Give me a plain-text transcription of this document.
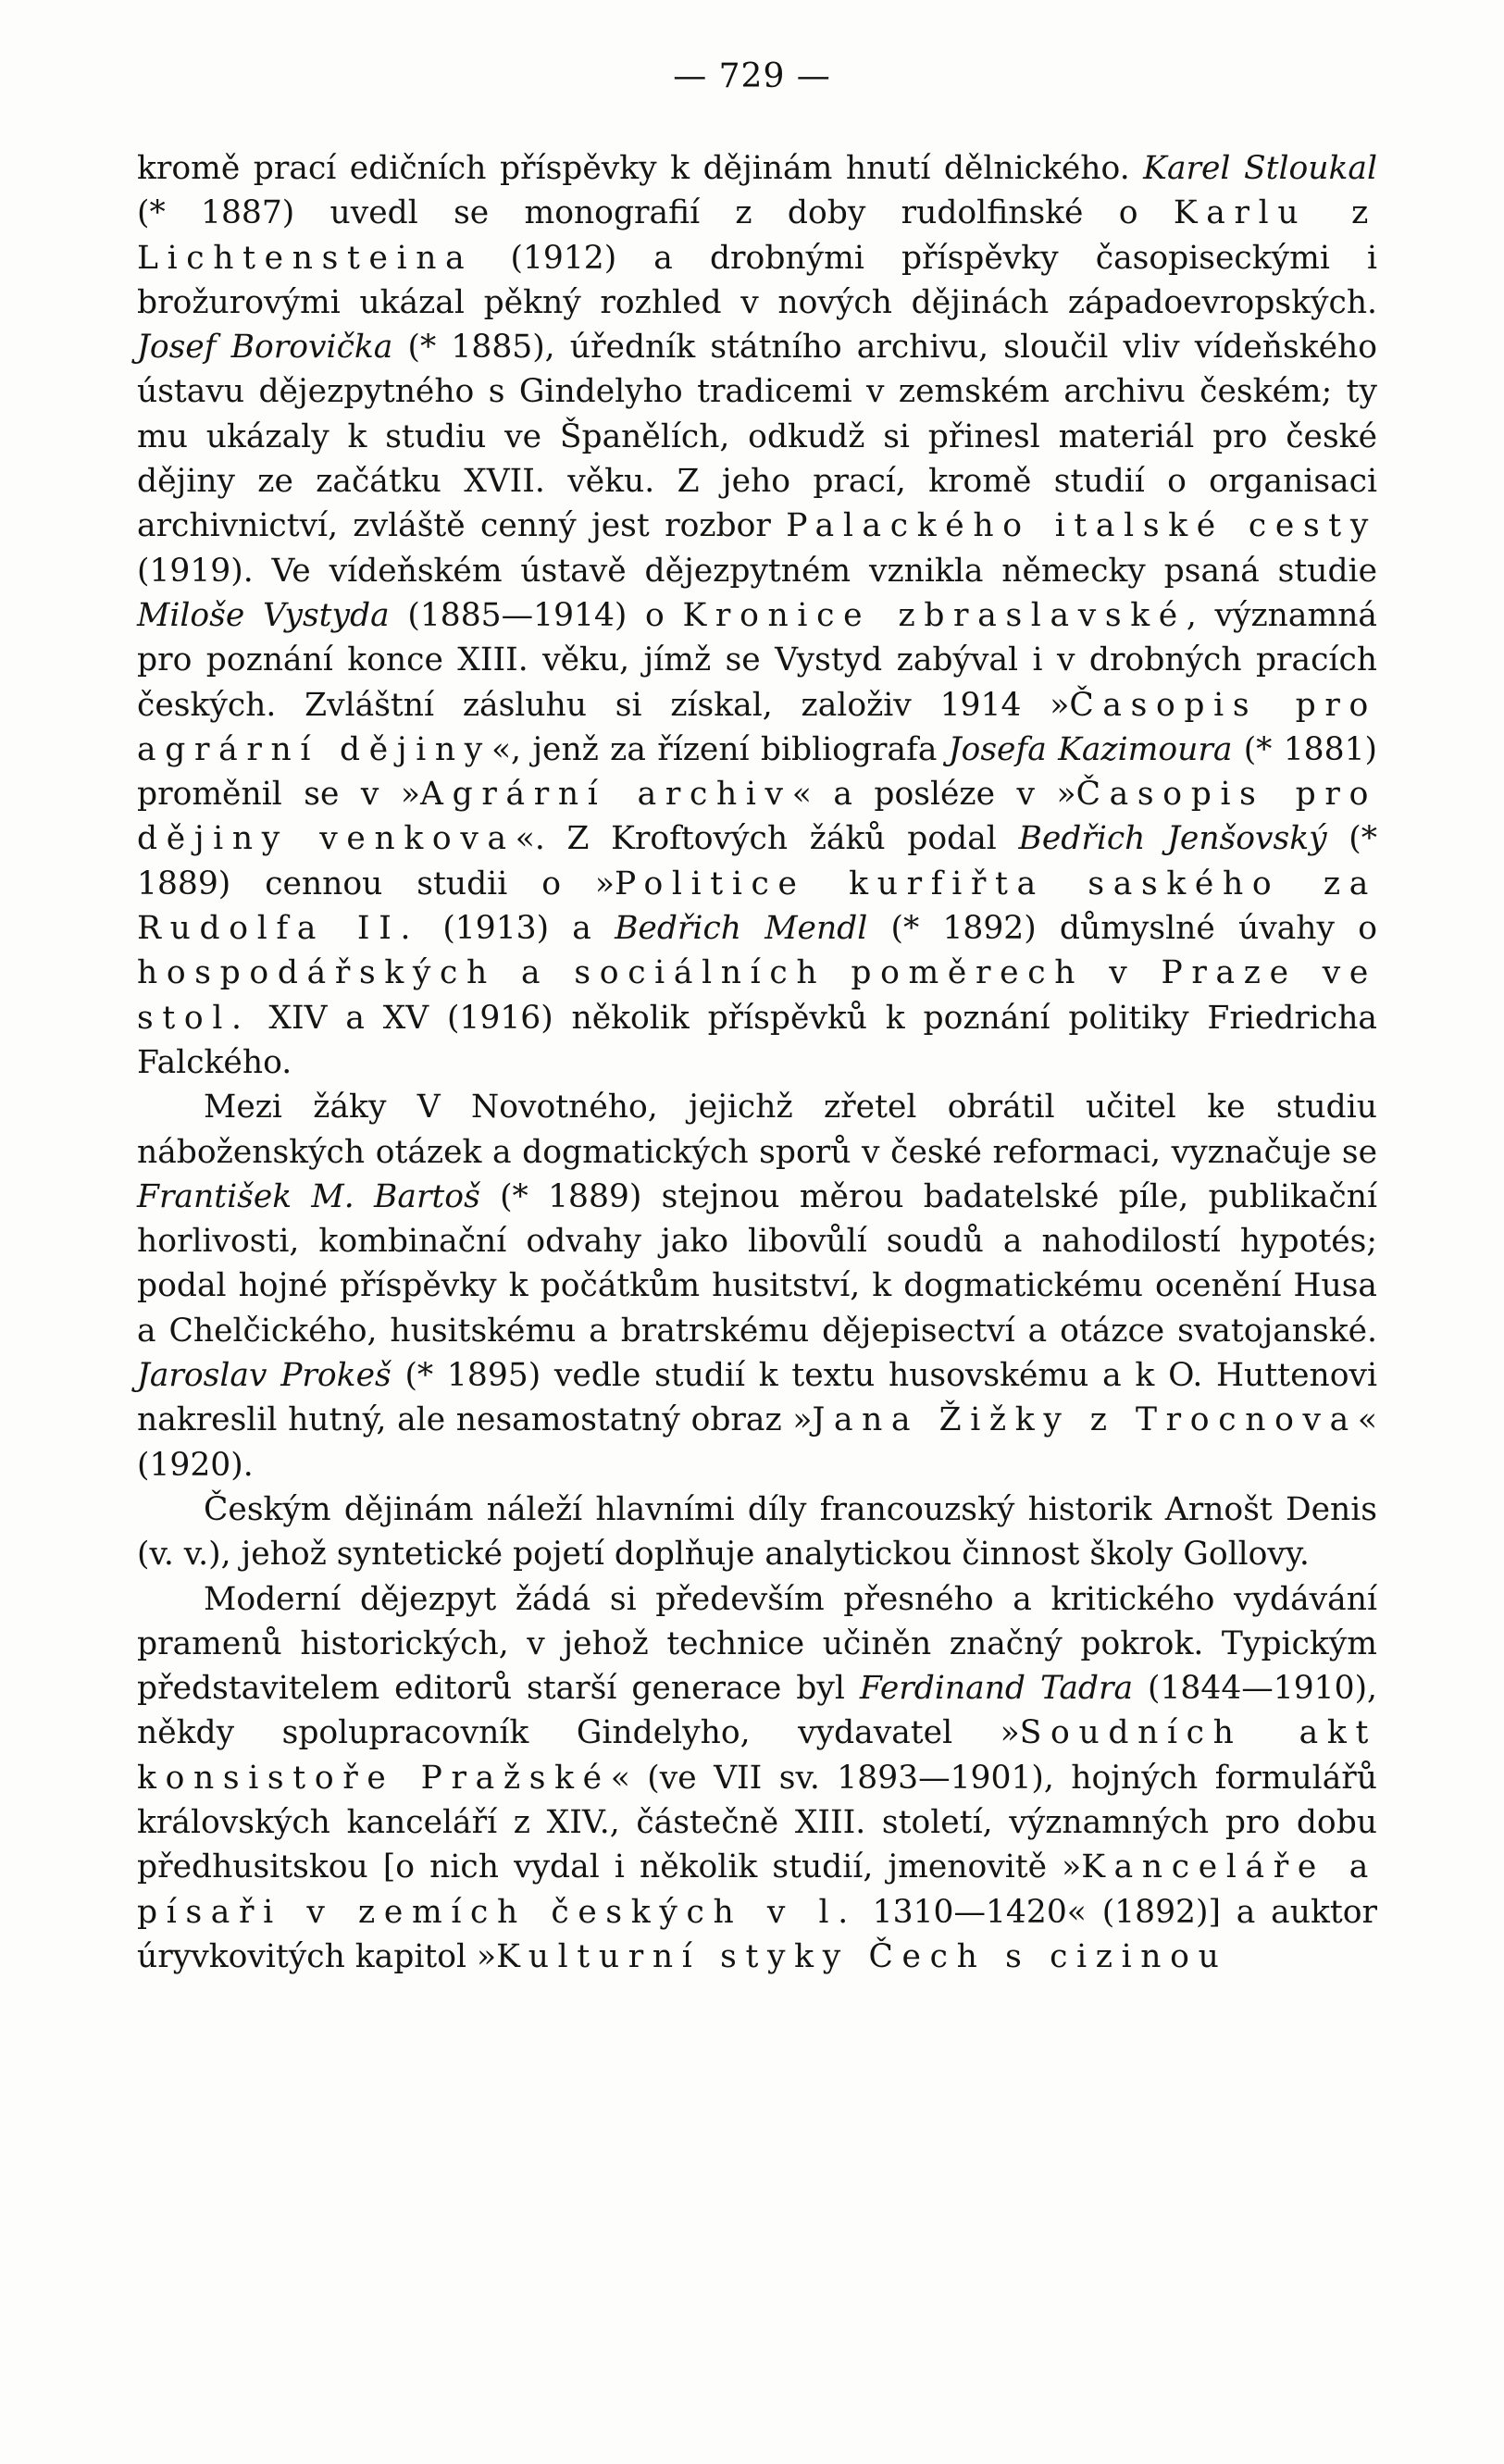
— 729 —

kromě prací edičních příspěvky k dějinám hnutí dělnického. Karel Stloukal (* 1887) uvedl se monografií z doby rudolfinské o Karlu z Lichtensteina (1912) a drobnými příspěvky časopiseckými i brožurovými ukázal pěkný rozhled v nových dějinách západoevropských. Josef Borovička (* 1885), úředník státního archivu, sloučil vliv vídeňského ústavu dějezpytného s Gindelyho tradicemi v zemském archivu českém; ty mu ukázaly k studiu ve Španělích, odkudž si přinesl materiál pro české dějiny ze začátku XVII. věku. Z jeho prací, kromě studií o organisaci archivnictví, zvláště cenný jest rozbor Palackého italské cesty (1919). Ve vídeňském ústavě dějezpytném vznikla německy psaná studie Miloše Vystyda (1885—1914) o Kronice zbraslavské, významná pro poznání konce XIII. věku, jímž se Vystyd zabýval i v drobných pracích českých. Zvláštní zásluhu si získal, založiv 1914 »Časopis pro agrární dějiny«, jenž za řízení bibliografa Josefa Kazimoura (* 1881) proměnil se v »Agrární archiv« a posléze v »Časopis pro dějiny venkova«. Z Kroftových žáků podal Bedřich Jenšovský (* 1889) cennou studii o »Politice kurfiřta saského za Rudolfa II. (1913) a Bedřich Mendl (* 1892) důmyslné úvahy o hospodářských a sociálních poměrech v Praze ve stol. XIV a XV (1916) několik příspěvků k poznání politiky Friedricha Falckého.

Mezi žáky V Novotného, jejichž zřetel obrátil učitel ke studiu náboženských otázek a dogmatických sporů v české reformaci, vyznačuje se František M. Bartoš (* 1889) stejnou měrou badatelské píle, publikační horlivosti, kombinační odvahy jako libovůlí soudů a nahodilostí hypotés; podal hojné příspěvky k počátkům husitství, k dogmatickému ocenění Husa a Chelčického, husitskému a bratrskému dějepisectví a otázce svatojanské. Jaroslav Prokeš (* 1895) vedle studií k textu husovskému a k O. Huttenovi nakreslil hutný, ale nesamostatný obraz »Jana Žižky z Trocnova« (1920).

Českým dějinám náleží hlavními díly francouzský historik Arnošt Denis (v. v.), jehož syntetické pojetí doplňuje analytickou činnost školy Gollovy.

Moderní dějezpyt žádá si především přesného a kritického vydávání pramenů historických, v jehož technice učiněn značný pokrok. Typickým představitelem editorů starší generace byl Ferdinand Tadra (1844—1910), někdy spolupracovník Gindelyho, vydavatel »Soudních akt konsistoře Pražské« (ve VII sv. 1893—1901), hojných formulářů královských kanceláří z XIV., částečně XIII. století, významných pro dobu předhusitskou [o nich vydal i několik studií, jmenovitě »Kanceláře a písaři v zemích českých v l. 1310—1420« (1892)] a auktor úryvkovitých kapitol »Kulturní styky Čech s cizinou
